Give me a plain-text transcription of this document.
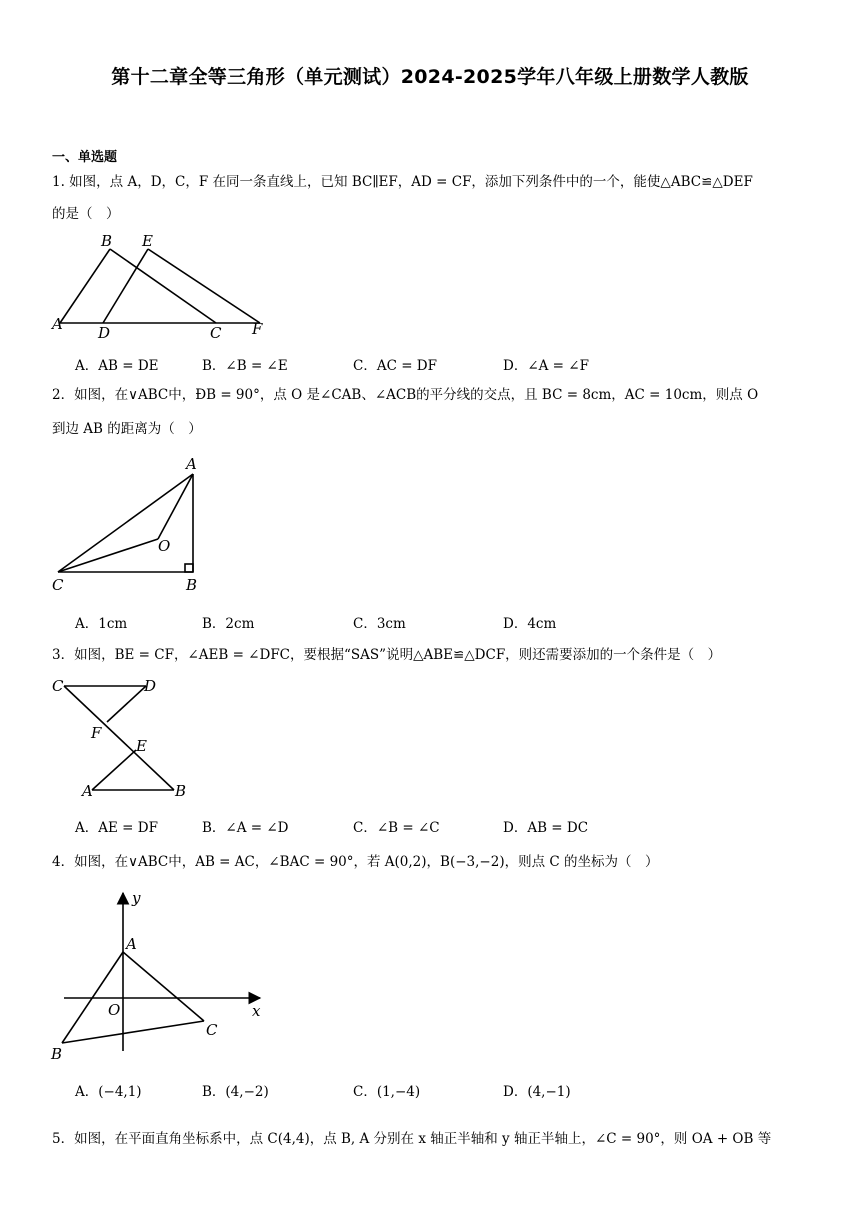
第十二章全等三角形（单元测试）2024-2025学年八年级上册数学人教版
一、单选题
1. 如图，点 A，D，C，F 在同一条直线上，已知 BC∥EF，AD = CF，添加下列条件中的一个，能使△ABC≌△DEF
的是（　）
A
B E
D	C F
A．AB = DE	B．∠B = ∠E	C．AC = DF	D．∠A = ∠F
2．如图，在∨ABC中，ÐB = 90°，点 O 是∠CAB、∠ACB的平分线的交点，且 BC = 8cm，AC = 10cm，则点 O
到边 AB 的距离为（　）
A
O
C	B
A．1cm	B．2cm	C．3cm	D．4cm
3．如图，BE = CF，∠AEB = ∠DFC，要根据“SAS”说明△ABE≌△DCF，则还需要添加的一个条件是（　）
C	D
F
E
A	B
A．AE = DF	B．∠A = ∠D	C．∠B = ∠C	D．AB = DC
4．如图，在∨ABC中，AB = AC，∠BAC = 90°，若 A(0,2)，B(−3,−2)，则点 C 的坐标为（　）
y
A
O	x
C
B
A．(−4,1)	B．(4,−2)	C．(1,−4)	D．(4,−1)
5．如图，在平面直角坐标系中，点 C(4,4)，点 B, A 分别在 x 轴正半轴和 y 轴正半轴上，∠C = 90°，则 OA + OB 等
